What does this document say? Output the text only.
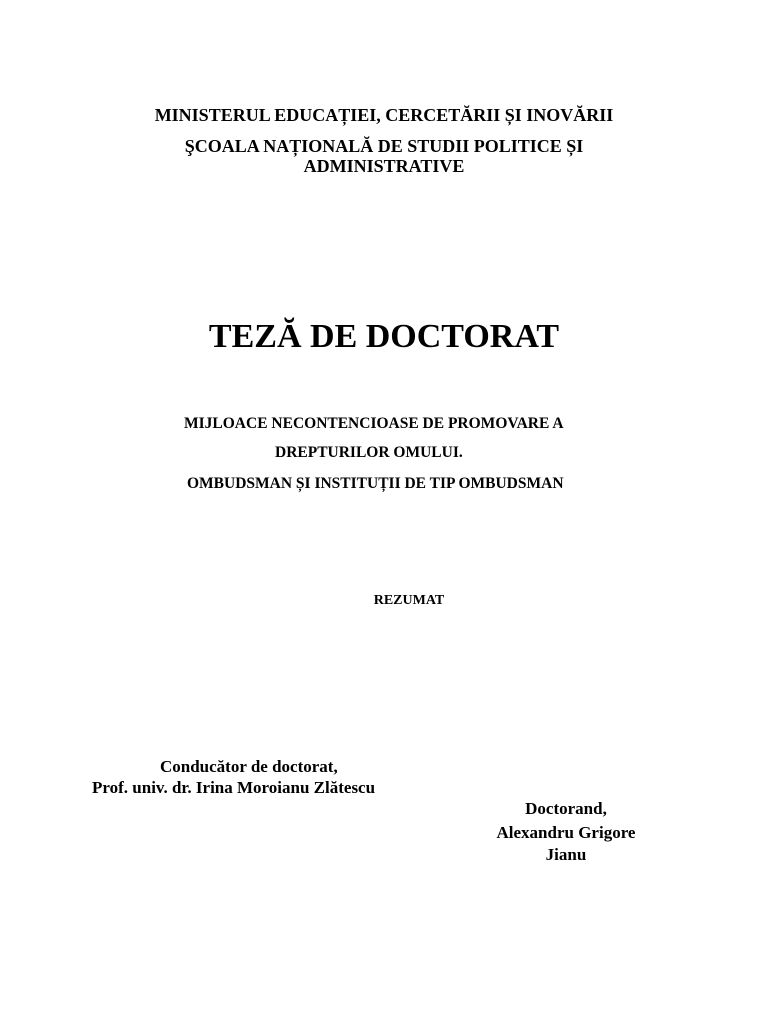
MINISTERUL EDUCAȚIEI, CERCETĂRII ȘI INOVĂRII
ŞCOALA NAȚIONALĂ DE STUDII POLITICE ȘI
ADMINISTRATIVE
TEZĂ DE DOCTORAT
MIJLOACE NECONTENCIOASE DE PROMOVARE A
DREPTURILOR OMULUI.
OMBUDSMAN ȘI INSTITUȚII DE TIP OMBUDSMAN
REZUMAT
Conducător de doctorat,
Prof. univ. dr. Irina Moroianu Zlătescu
Doctorand,
Alexandru Grigore
Jianu
